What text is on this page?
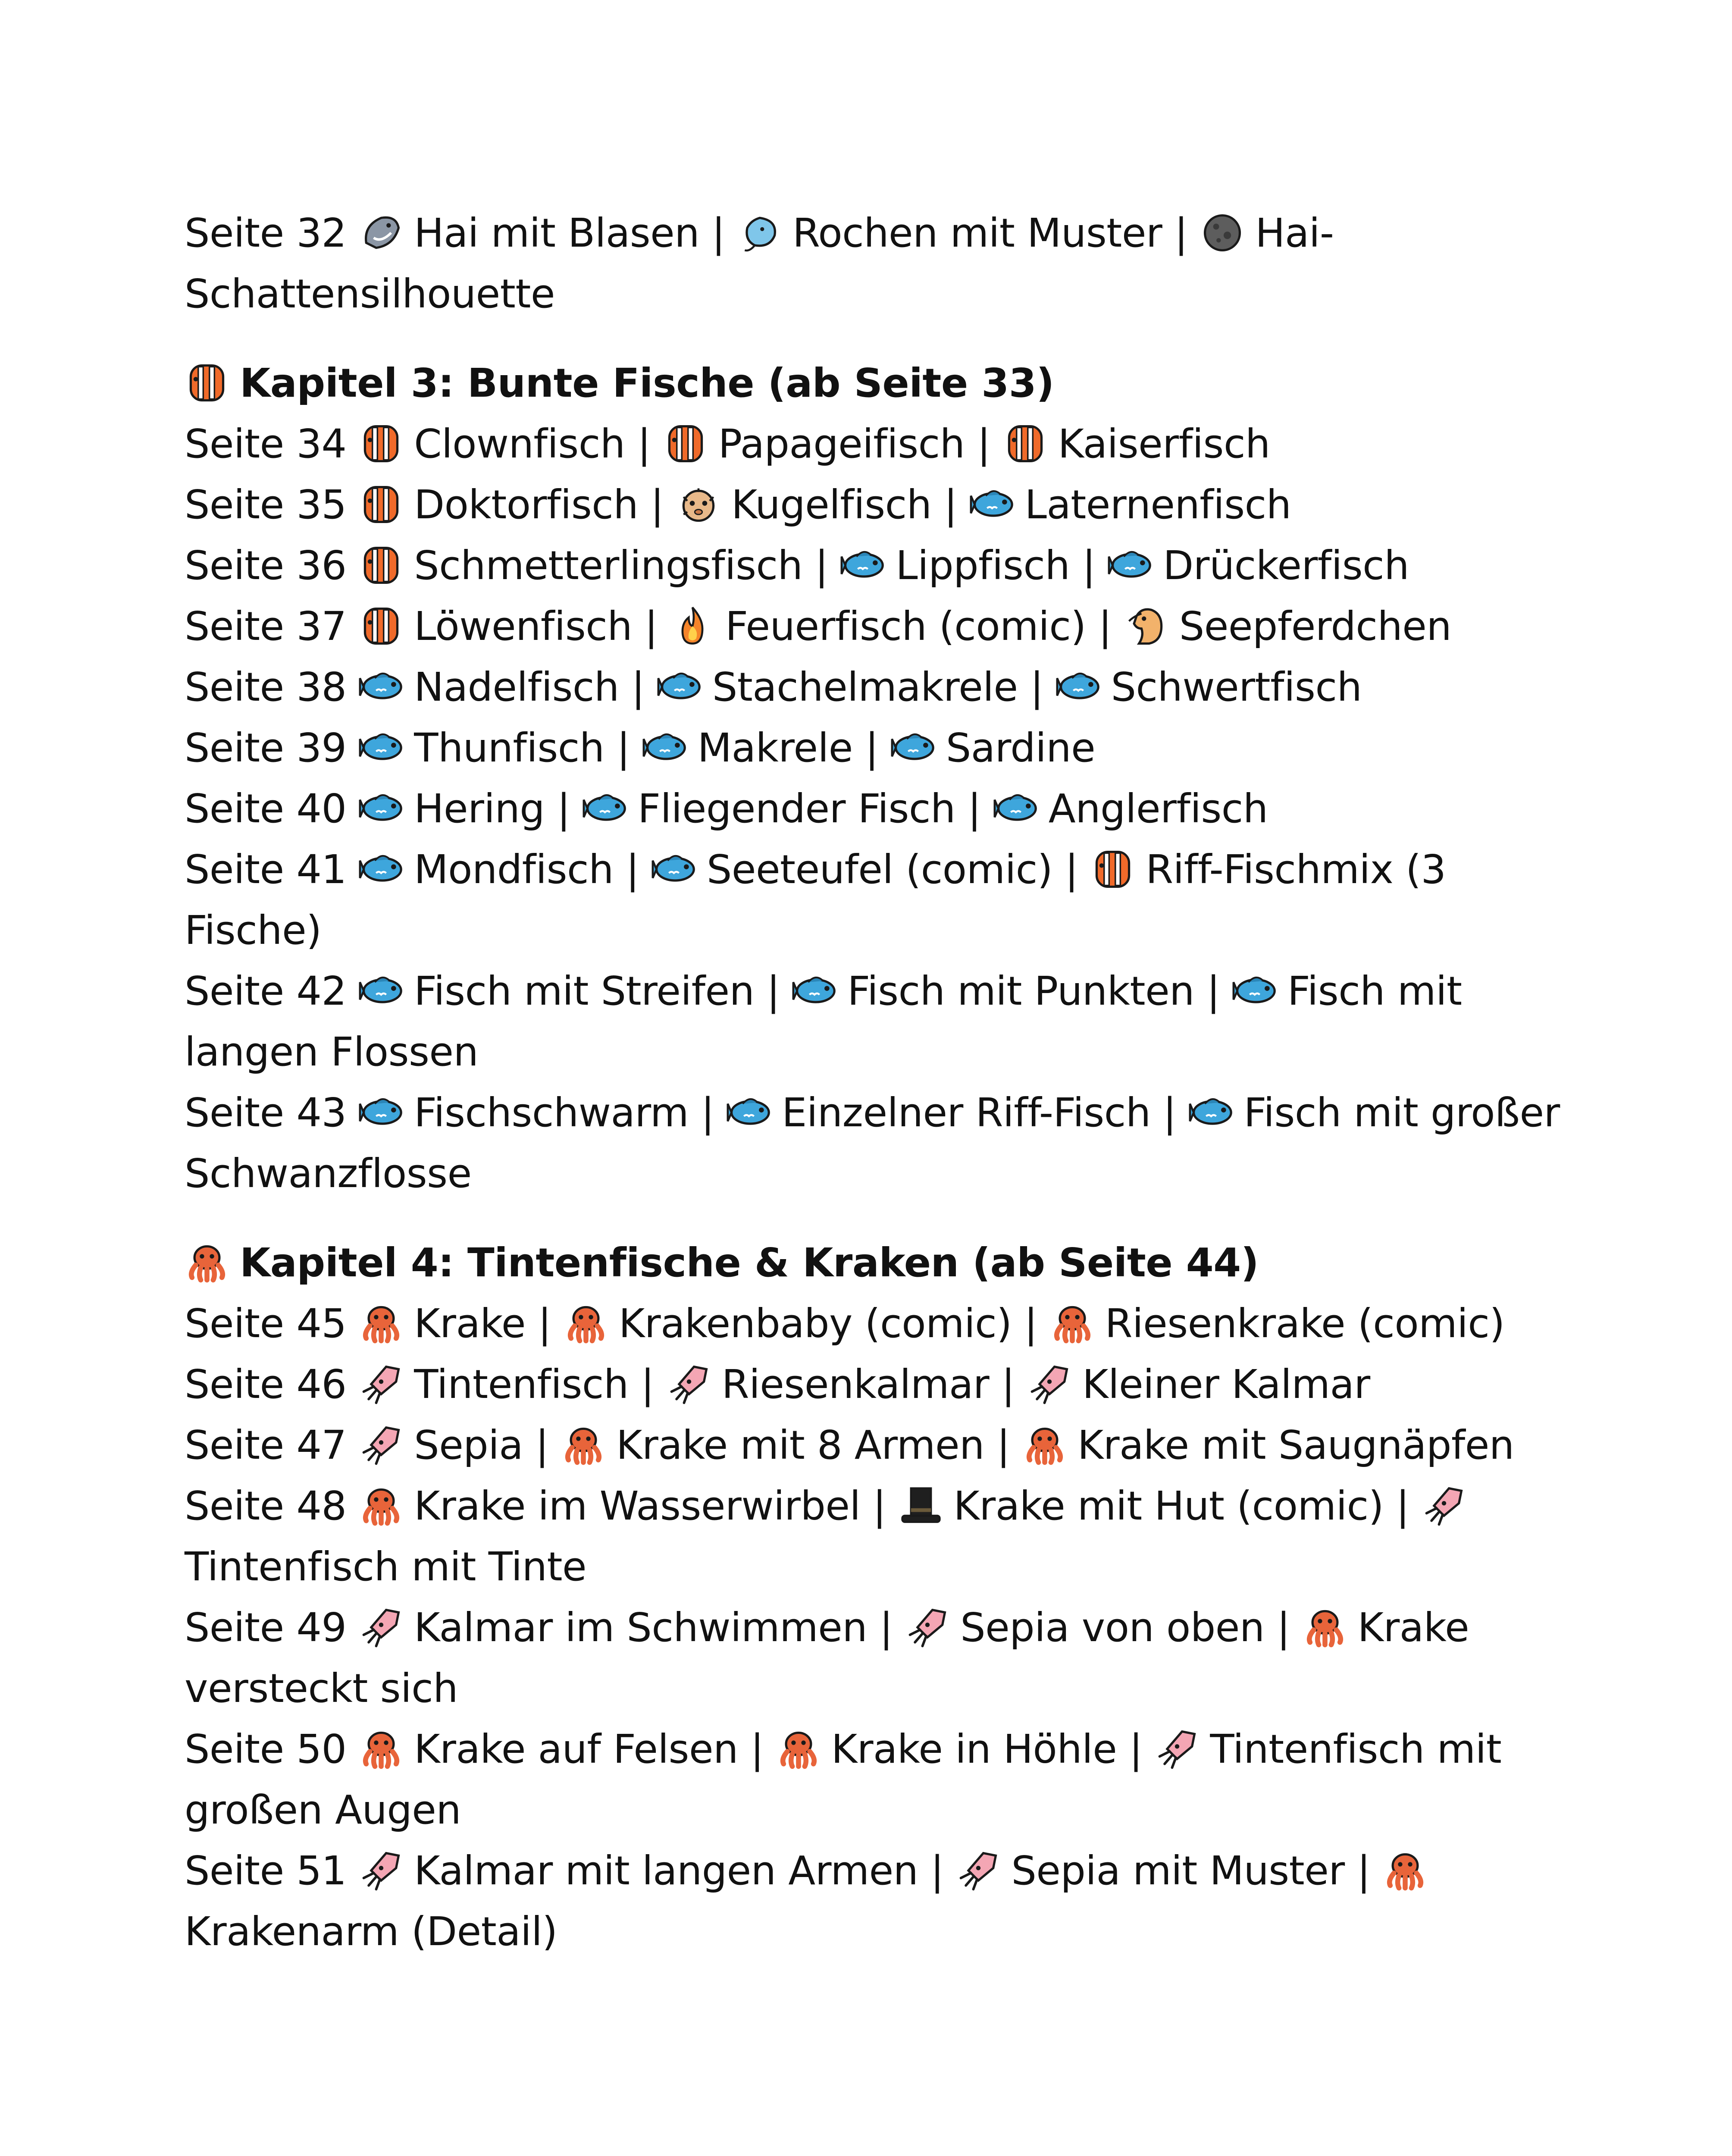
Seite 32 Hai mit Blasen | Rochen mit Muster | Hai-
Schattensilhouette

Kapitel 3: Bunte Fische (ab Seite 33)

Seite 34 Clownfisch | Papageifisch | Kaiserfisch

Seite 35 Doktorfisch | Kugelfisch | Laternenfisch

Seite 36 Schmetterlingsfisch | Lippfisch | Drückerfisch

Seite 37 Löwenfisch | Feuerfisch (comic) | Seepferdchen

Seite 38 Nadelfisch | Stachelmakrele | Schwertfisch

Seite 39 Thunfisch | Makrele | Sardine

Seite 40 Hering | Fliegender Fisch | Anglerfisch

Seite 41 Mondfisch | Seeteufel (comic) | Riff-Fischmix (3
Fische)

Seite 42 Fisch mit Streifen | Fisch mit Punkten | Fisch mit
langen Flossen

Seite 43 Fischschwarm | Einzelner Riff-Fisch | Fisch mit großer
Schwanzflosse

Kapitel 4: Tintenfische & Kraken (ab Seite 44)

Seite 45 Krake | Krakenbaby (comic) | Riesenkrake (comic)

Seite 46 Tintenfisch | Riesenkalmar | Kleiner Kalmar

Seite 47 Sepia | Krake mit 8 Armen | Krake mit Saugnäpfen

Seite 48 Krake im Wasserwirbel | Krake mit Hut (comic) |

Tintenfisch mit Tinte

Seite 49 Kalmar im Schwimmen | Sepia von oben | Krake
versteckt sich

Seite 50 Krake auf Felsen | Krake in Höhle | Tintenfisch mit
großen Augen

Seite 51 Kalmar mit langen Armen | Sepia mit Muster |

Krakenarm (Detail)
